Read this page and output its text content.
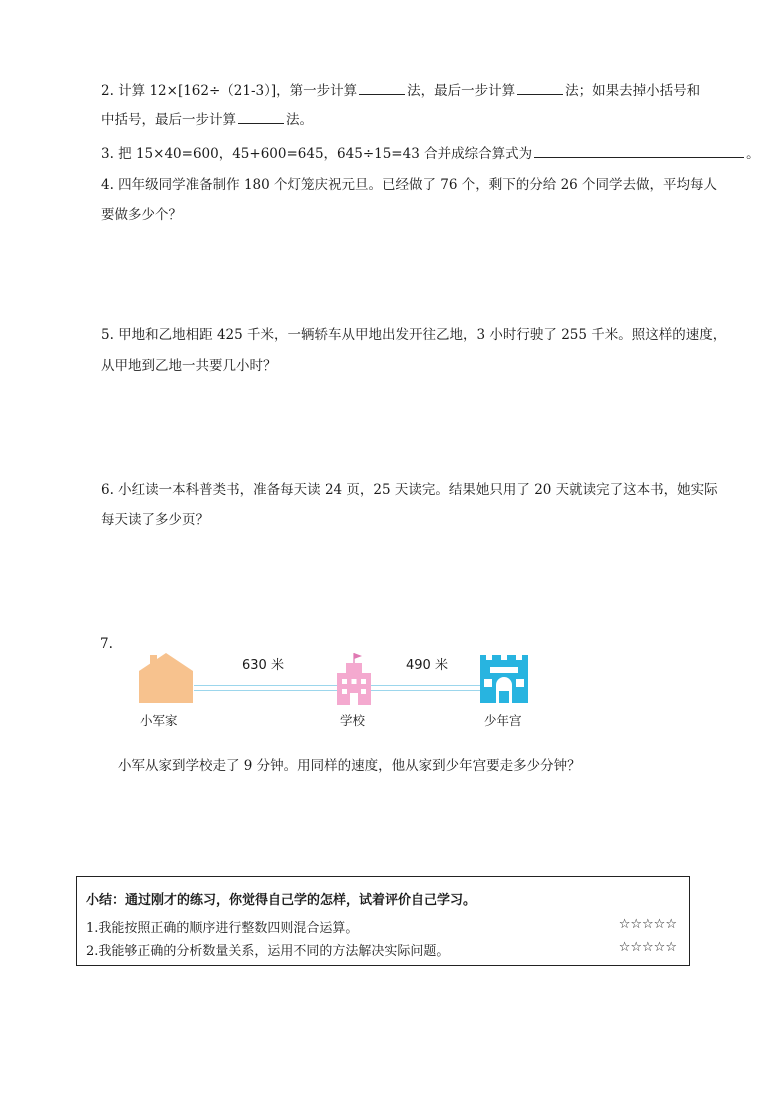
2. 计算 12×[162÷（21-3）]，第一步计算	法，最后一步计算	法；如果去掉小括号和
中括号，最后一步计算	法。
3. 把 15×40=600，45+600=645，645÷15=43 合并成综合算式为	。
4. 四年级同学准备制作 180 个灯笼庆祝元旦。已经做了 76 个，剩下的分给 26 个同学去做，平均每人
要做多少个？
5. 甲地和乙地相距 425 千米，一辆轿车从甲地出发开往乙地，3 小时行驶了 255 千米。照这样的速度，
从甲地到乙地一共要几小时？
6. 小红读一本科普类书，准备每天读 24 页，25 天读完。结果她只用了 20 天就读完了这本书，她实际
每天读了多少页？
7.
630 米	490 米
小军家	学校	少年宫
小军从家到学校走了 9 分钟。用同样的速度，他从家到少年宫要走多少分钟？
小结：通过刚才的练习，你觉得自己学的怎样，试着评价自己学习。
1.我能按照正确的顺序进行整数四则混合运算。	☆☆☆☆☆
2.我能够正确的分析数量关系，运用不同的方法解决实际问题。	☆☆☆☆☆
